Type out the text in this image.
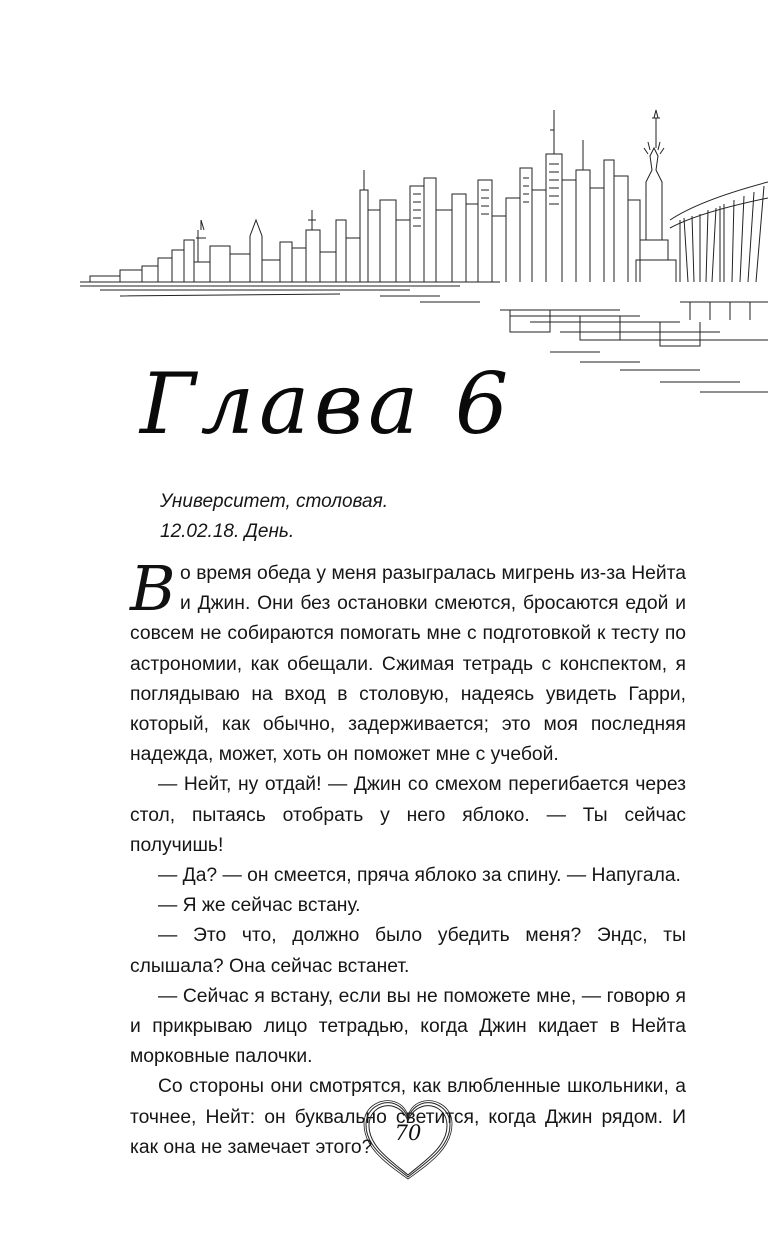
Глава 6
Университет, столовая.
12.02.18. День.

Во время обеда у меня разыгралась мигрень из-за Нейта и Джин. Они без остановки смеются, бросаются едой и совсем не собираются помогать мне с подготовкой к тесту по астрономии, как обещали. Сжимая тетрадь с конспектом, я поглядываю на вход в столовую, надеясь увидеть Гарри, который, как обычно, задерживается; это моя последняя надежда, может, хоть он поможет мне с учебой.

— Нейт, ну отдай! — Джин со смехом перегибается через стол, пытаясь отобрать у него яблоко. — Ты сейчас получишь!

— Да? — он смеется, пряча яблоко за спину. — Напугала.

— Я же сейчас встану.

— Это что, должно было убедить меня? Эндс, ты слышала? Она сейчас встанет.

— Сейчас я встану, если вы не поможете мне, — говорю я и прикрываю лицо тетрадью, когда Джин кидает в Нейта морковные палочки.

Со стороны они смотрятся, как влюбленные школьники, а точнее, Нейт: он буквально светится, когда Джин рядом. И как она не замечает этого?

70
